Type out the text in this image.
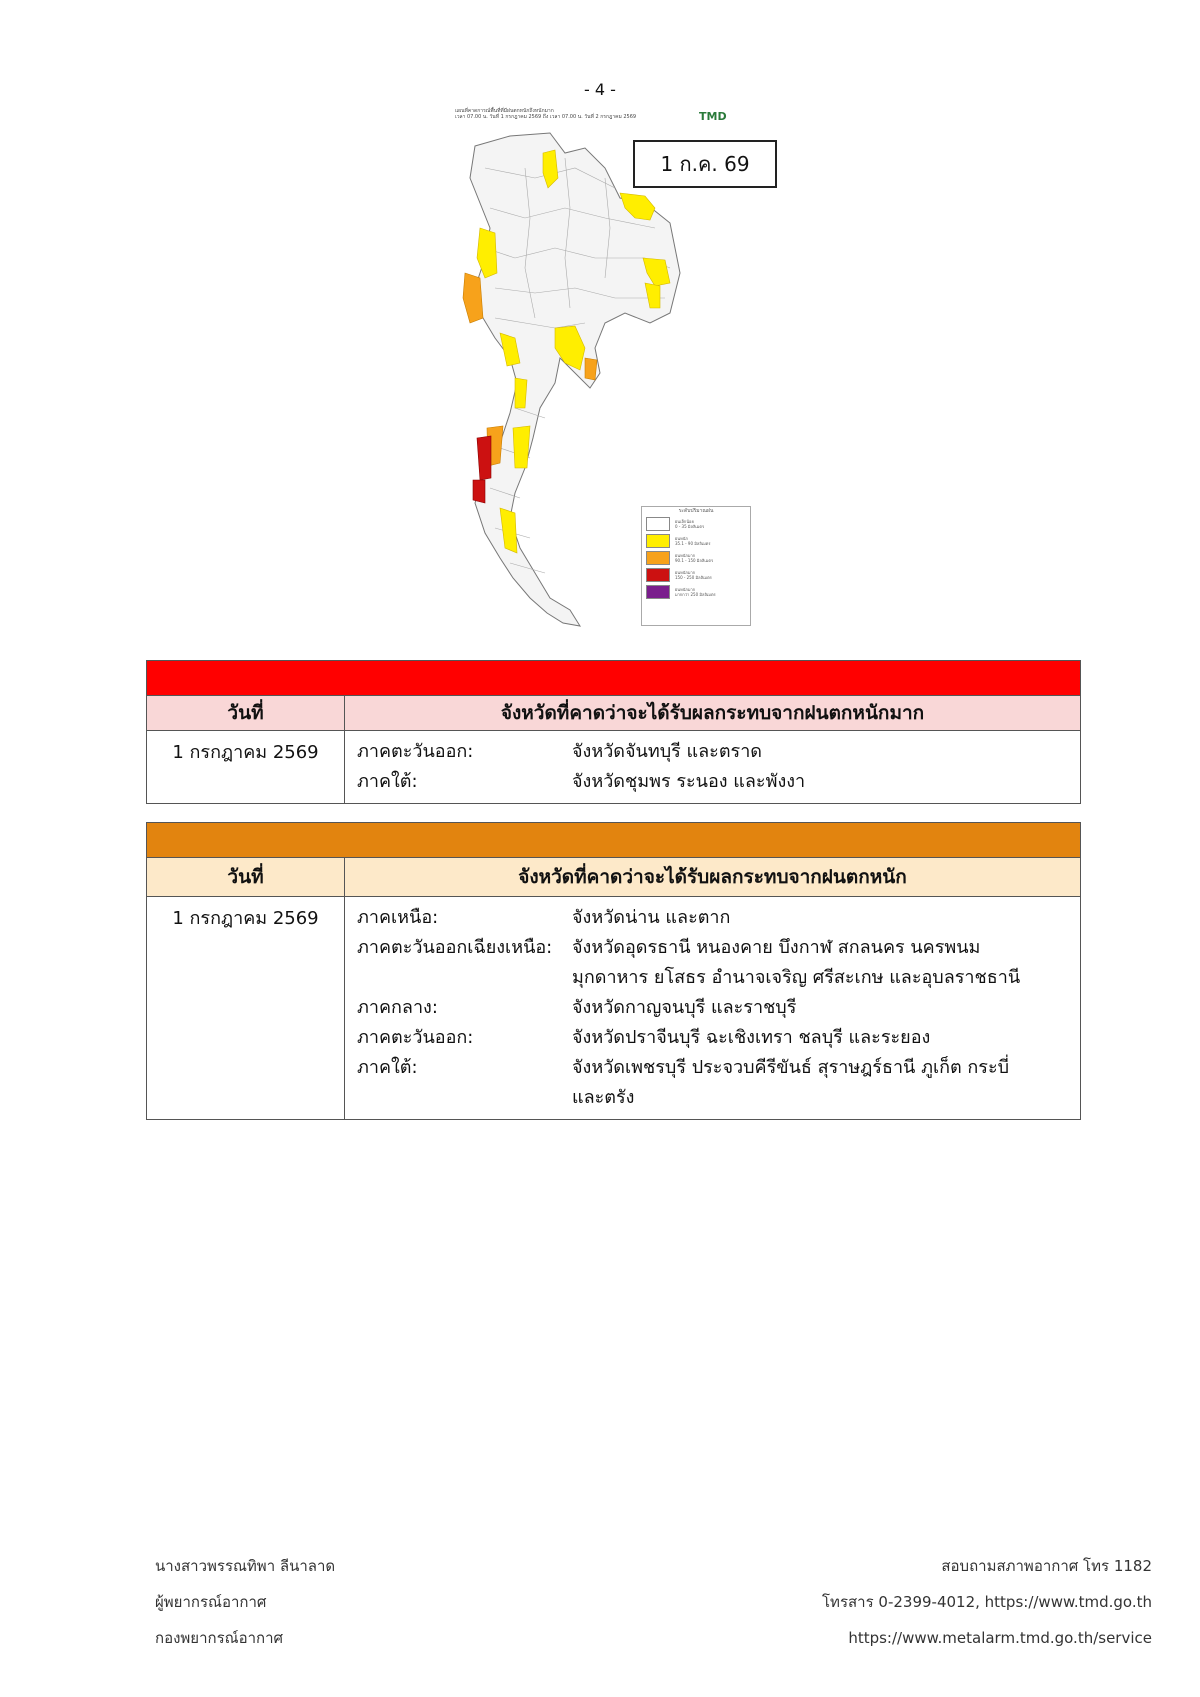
- 4 -
แผนที่คาดการณ์พื้นที่ที่มีฝนตกหนักถึงหนักมาก
เวลา 07.00 น. วันที่ 1 กรกฎาคม 2569 ถึง เวลา 07.00 น. วันที่ 2 กรกฎาคม 2569	TMD
1 ก.ค. 69
ระดับปริมาณฝน
ฝนเล็กน้อย
0 - 35 มิลลิเมตร
ฝนหนัก
35.1 - 90 มิลลิเมตร
ฝนหนักมาก
90.1 - 150 มิลลิเมตร
ฝนหนักมาก
150 - 250 มิลลิเมตร
ฝนหนักมาก
มากกว่า 250 มิลลิเมตร
วันที่	จังหวัดที่คาดว่าจะได้รับผลกระทบจากฝนตกหนักมาก
1 กรกฎาคม 2569	ภาคตะวันออก:	จังหวัดจันทบุรี และตราด
ภาคใต้:	จังหวัดชุมพร ระนอง และพังงา
วันที่	จังหวัดที่คาดว่าจะได้รับผลกระทบจากฝนตกหนัก
1 กรกฎาคม 2569	ภาคเหนือ:	จังหวัดน่าน และตาก
ภาคตะวันออกเฉียงเหนือ:	จังหวัดอุดรธานี หนองคาย บึงกาฬ สกลนคร นครพนม
มุกดาหาร ยโสธร อำนาจเจริญ ศรีสะเกษ และอุบลราชธานี
ภาคกลาง:	จังหวัดกาญจนบุรี และราชบุรี
ภาคตะวันออก:	จังหวัดปราจีนบุรี ฉะเชิงเทรา ชลบุรี และระยอง
ภาคใต้:	จังหวัดเพชรบุรี ประจวบคีรีขันธ์ สุราษฎร์ธานี ภูเก็ต กระบี่
และตรัง
นางสาวพรรณทิพา ลีนาลาด
ผู้พยากรณ์อากาศ
กองพยากรณ์อากาศ
สอบถามสภาพอากาศ โทร 1182
โทรสาร 0-2399-4012, https://www.tmd.go.th
https://www.metalarm.tmd.go.th/service
